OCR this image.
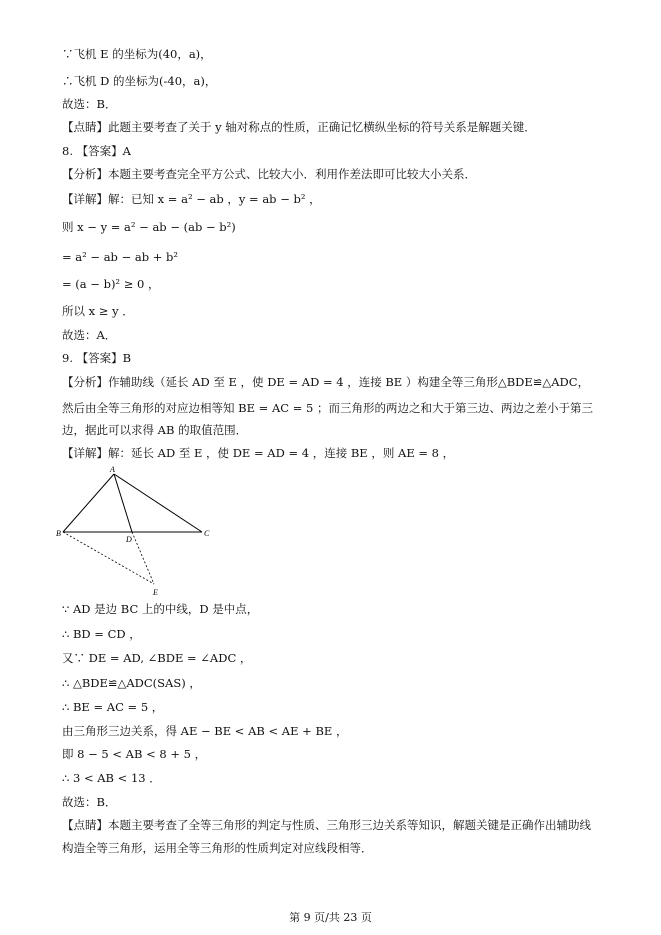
∵飞机 E 的坐标为(40，a)，
∴飞机 D 的坐标为(-40，a)，
故选：B．
【点睛】此题主要考查了关于 y 轴对称点的性质，正确记忆横纵坐标的符号关系是解题关键．
8. 【答案】A
【分析】本题主要考查完全平方公式、比较大小．利用作差法即可比较大小关系．
【详解】解：已知 x = a² − ab ，y = ab − b² ，
则 x − y = a² − ab − (ab − b²)
= a² − ab − ab + b²
= (a − b)² ≥ 0 ，
所以 x ≥ y ．
故选：A．
9. 【答案】B
【分析】作辅助线（延长 AD 至 E ，使 DE = AD = 4 ，连接 BE ）构建全等三角形△BDE≌△ADC，
然后由全等三角形的对应边相等知 BE = AC = 5 ；而三角形的两边之和大于第三边、两边之差小于第三
边，据此可以求得 AB 的取值范围．
【详解】解：延长 AD 至 E ，使 DE = AD = 4 ，连接 BE ，则 AE = 8 ，
A
B	C
D
E
∵ AD 是边 BC 上的中线，D 是中点，
∴ BD = CD ，
又∵ DE = AD, ∠BDE = ∠ADC ，
∴ △BDE≌△ADC(SAS) ，
∴ BE = AC = 5 ，
由三角形三边关系，得 AE − BE < AB < AE + BE ，
即 8 − 5 < AB < 8 + 5 ，
∴ 3 < AB < 13 ．
故选：B．
【点睛】本题主要考查了全等三角形的判定与性质、三角形三边关系等知识，解题关键是正确作出辅助线
构造全等三角形，运用全等三角形的性质判定对应线段相等．
第 9 页/共 23 页
